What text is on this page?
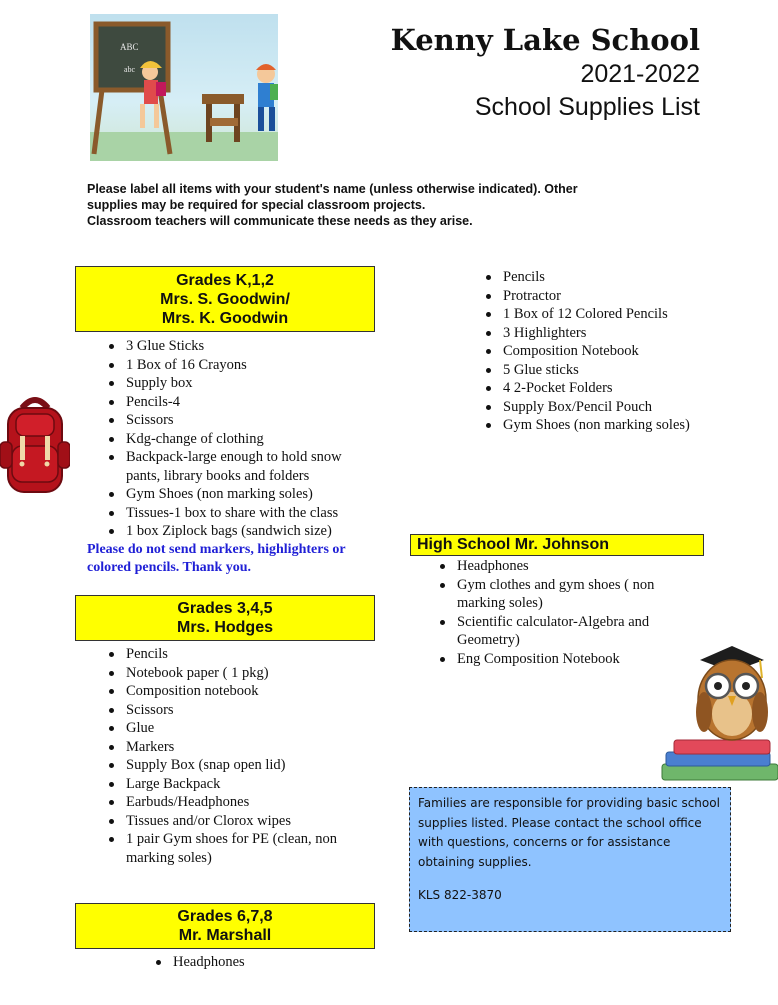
ABC
abc
Kenny Lake School
2021-2022
School Supplies List
Please label all items with your student's name (unless otherwise indicated). Other
supplies may be required for special classroom projects.
Classroom teachers will communicate these needs as they arise.
Grades K,1,2
Mrs. S. Goodwin/
Mrs. K. Goodwin
3 Glue Sticks
1 Box of 16 Crayons
Supply box
Pencils-4
Scissors
Kdg-change of clothing
Backpack-large enough to hold snow pants, library books and folders
Gym Shoes (non marking soles)
Tissues-1 box to share with the class
1 box Ziplock bags (sandwich size)
Please do not send markers, highlighters or colored pencils. Thank you.
Grades 3,4,5
Mrs. Hodges
Pencils
Notebook paper ( 1 pkg)
Composition notebook
Scissors
Glue
Markers
Supply Box (snap open lid)
Large Backpack
Earbuds/Headphones
Tissues and/or Clorox wipes
1 pair Gym shoes for PE (clean, non marking soles)
Grades 6,7,8
Mr. Marshall
Headphones
Pencils
Protractor
1 Box of 12 Colored Pencils
3 Highlighters
Composition Notebook
5 Glue sticks
4 2-Pocket Folders
Supply Box/Pencil Pouch
Gym Shoes (non marking soles)
High School Mr. Johnson
Headphones
Gym clothes and gym shoes ( non marking soles)
Scientific calculator-Algebra and Geometry)
Eng Composition Notebook
Families are responsible for providing basic school supplies listed. Please contact the school office with questions, concerns or for assistance obtaining supplies.
KLS 822-3870
